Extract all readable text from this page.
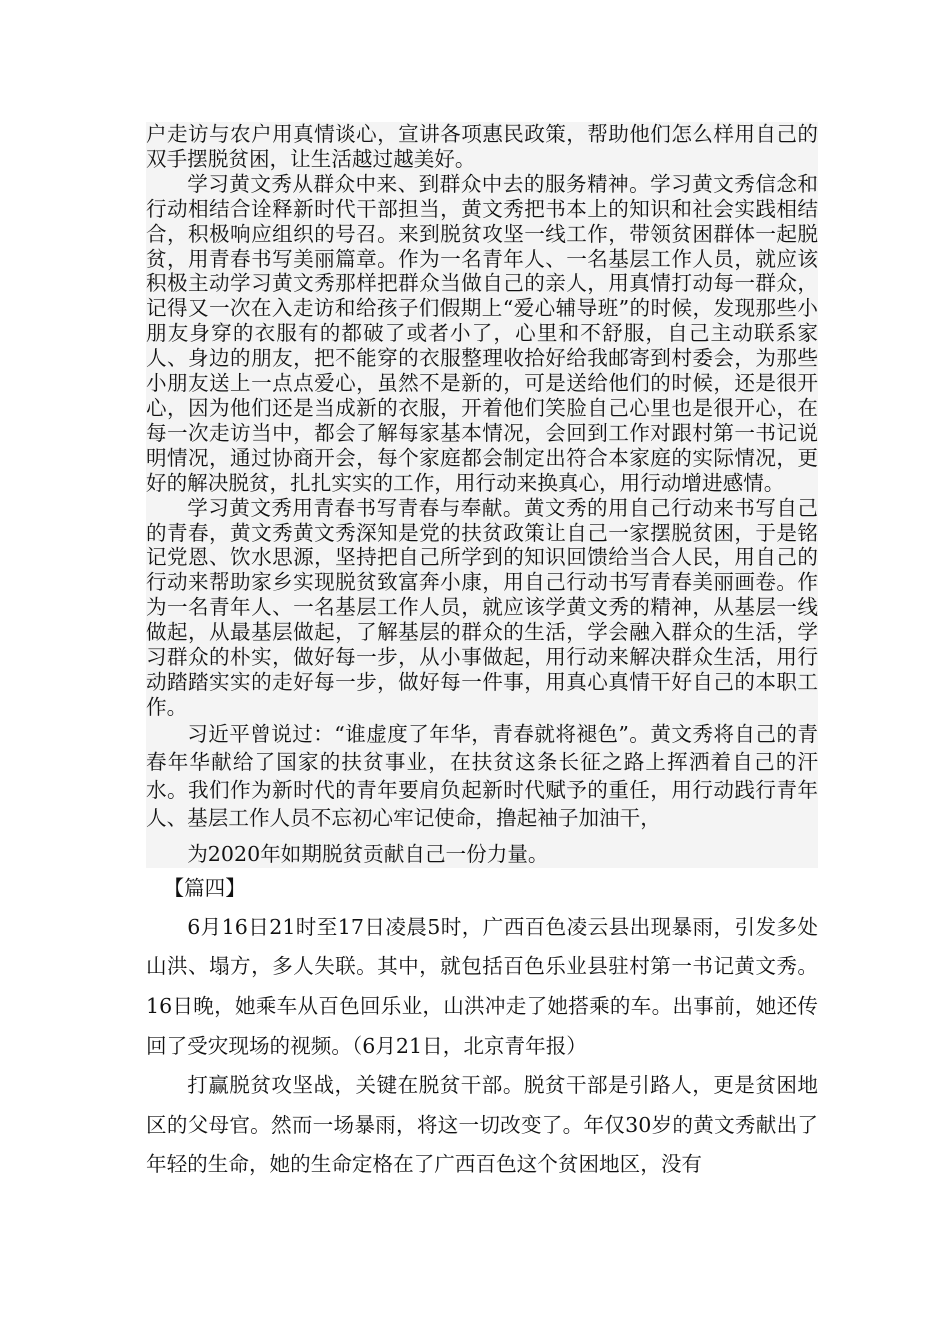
户走访与农户用真情谈心，宣讲各项惠民政策，帮助他们怎么样用自己的双手摆脱贫困，让生活越过越美好。

学习黄文秀从群众中来、到群众中去的服务精神。学习黄文秀信念和行动相结合诠释新时代干部担当，黄文秀把书本上的知识和社会实践相结合，积极响应组织的号召。来到脱贫攻坚一线工作，带领贫困群体一起脱贫，用青春书写美丽篇章。作为一名青年人、一名基层工作人员，就应该积极主动学习黄文秀那样把群众当做自己的亲人，用真情打动每一群众，记得又一次在入走访和给孩子们假期上“爱心辅导班”的时候，发现那些小朋友身穿的衣服有的都破了或者小了，心里和不舒服，自己主动联系家人、身边的朋友，把不能穿的衣服整理收拾好给我邮寄到村委会，为那些小朋友送上一点点爱心，虽然不是新的，可是送给他们的时候，还是很开心，因为他们还是当成新的衣服，开着他们笑脸自己心里也是很开心，在每一次走访当中，都会了解每家基本情况，会回到工作对跟村第一书记说明情况，通过协商开会，每个家庭都会制定出符合本家庭的实际情况，更好的解决脱贫，扎扎实实的工作，用行动来换真心，用行动增进感情。

学习黄文秀用青春书写青春与奉献。黄文秀的用自己行动来书写自己的青春，黄文秀黄文秀深知是党的扶贫政策让自己一家摆脱贫困，于是铭记党恩、饮水思源，坚持把自己所学到的知识回馈给当合人民，用自己的行动来帮助家乡实现脱贫致富奔小康，用自己行动书写青春美丽画卷。作为一名青年人、一名基层工作人员，就应该学黄文秀的精神，从基层一线做起，从最基层做起，了解基层的群众的生活，学会融入群众的生活，学习群众的朴实，做好每一步，从小事做起，用行动来解决群众生活，用行动踏踏实实的走好每一步，做好每一件事，用真心真情干好自己的本职工作。

习近平曾说过：“谁虚度了年华，青春就将褪色”。黄文秀将自己的青春年华献给了国家的扶贫事业，在扶贫这条长征之路上挥洒着自己的汗水。我们作为新时代的青年要肩负起新时代赋予的重任，用行动践行青年人、基层工作人员不忘初心牢记使命，撸起袖子加油干，
为2020年如期脱贫贡献自己一份力量。

【篇四】

6月16日21时至17日凌晨5时，广西百色凌云县出现暴雨，引发多处山洪、塌方，多人失联。其中，就包括百色乐业县驻村第一书记黄文秀。16日晚，她乘车从百色回乐业，山洪冲走了她搭乘的车。出事前，她还传回了受灾现场的视频。（6月21日，北京青年报）

打赢脱贫攻坚战，关键在脱贫干部。脱贫干部是引路人，更是贫困地区的父母官。然而一场暴雨，将这一切改变了。年仅30岁的黄文秀献出了年轻的生命，她的生命定格在了广西百色这个贫困地区，没有
